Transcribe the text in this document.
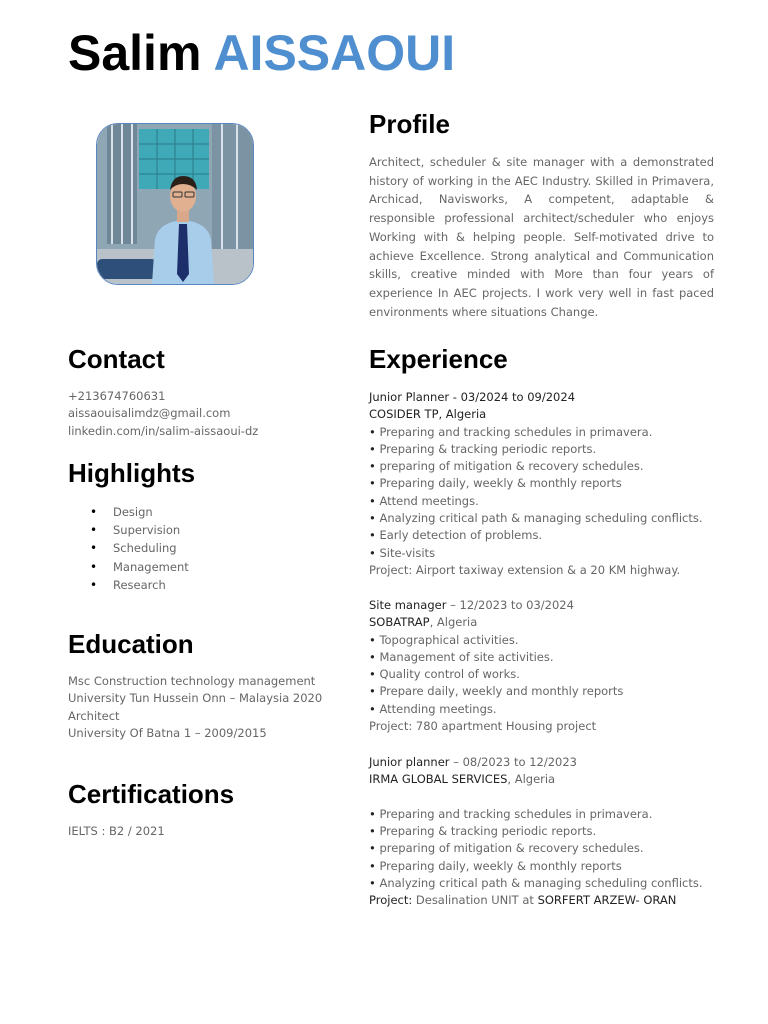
Salim AISSAOUI
Profile
Architect, scheduler & site manager with a demonstrated history of working in the AEC Industry. Skilled in Primavera, Archicad, Navisworks, A competent, adaptable & responsible professional architect/scheduler who enjoys Working with & helping people. Self-motivated drive to achieve Excellence. Strong analytical and Communication skills, creative minded with More than four years of experience In AEC projects. I work very well in fast paced environments where situations Change.
Contact
+213674760631
aissaouisalimdz@gmail.com
linkedin.com/in/salim-aissaoui-dz
Highlights
• Design
• Supervision
• Scheduling
• Management
• Research
Education
Msc Construction technology management
University Tun Hussein Onn – Malaysia 2020
Architect
University Of Batna 1 – 2009/2015
Certifications
IELTS : B2 / 2021
Experience
Junior Planner - 03/2024 to 09/2024
COSIDER TP, Algeria
• Preparing and tracking schedules in primavera.
• Preparing & tracking periodic reports.
• preparing of mitigation & recovery schedules.
• Preparing daily, weekly & monthly reports
• Attend meetings.
• Analyzing critical path & managing scheduling conflicts.
• Early detection of problems.
• Site-visits
Project: Airport taxiway extension & a 20 KM highway.
Site manager – 12/2023 to 03/2024
SOBATRAP, Algeria
• Topographical activities.
• Management of site activities.
• Quality control of works.
• Prepare daily, weekly and monthly reports
• Attending meetings.
Project: 780 apartment Housing project
Junior planner – 08/2023 to 12/2023
IRMA GLOBAL SERVICES, Algeria
• Preparing and tracking schedules in primavera.
• Preparing & tracking periodic reports.
• preparing of mitigation & recovery schedules.
• Preparing daily, weekly & monthly reports
• Analyzing critical path & managing scheduling conflicts.
Project: Desalination UNIT at SORFERT ARZEW- ORAN
